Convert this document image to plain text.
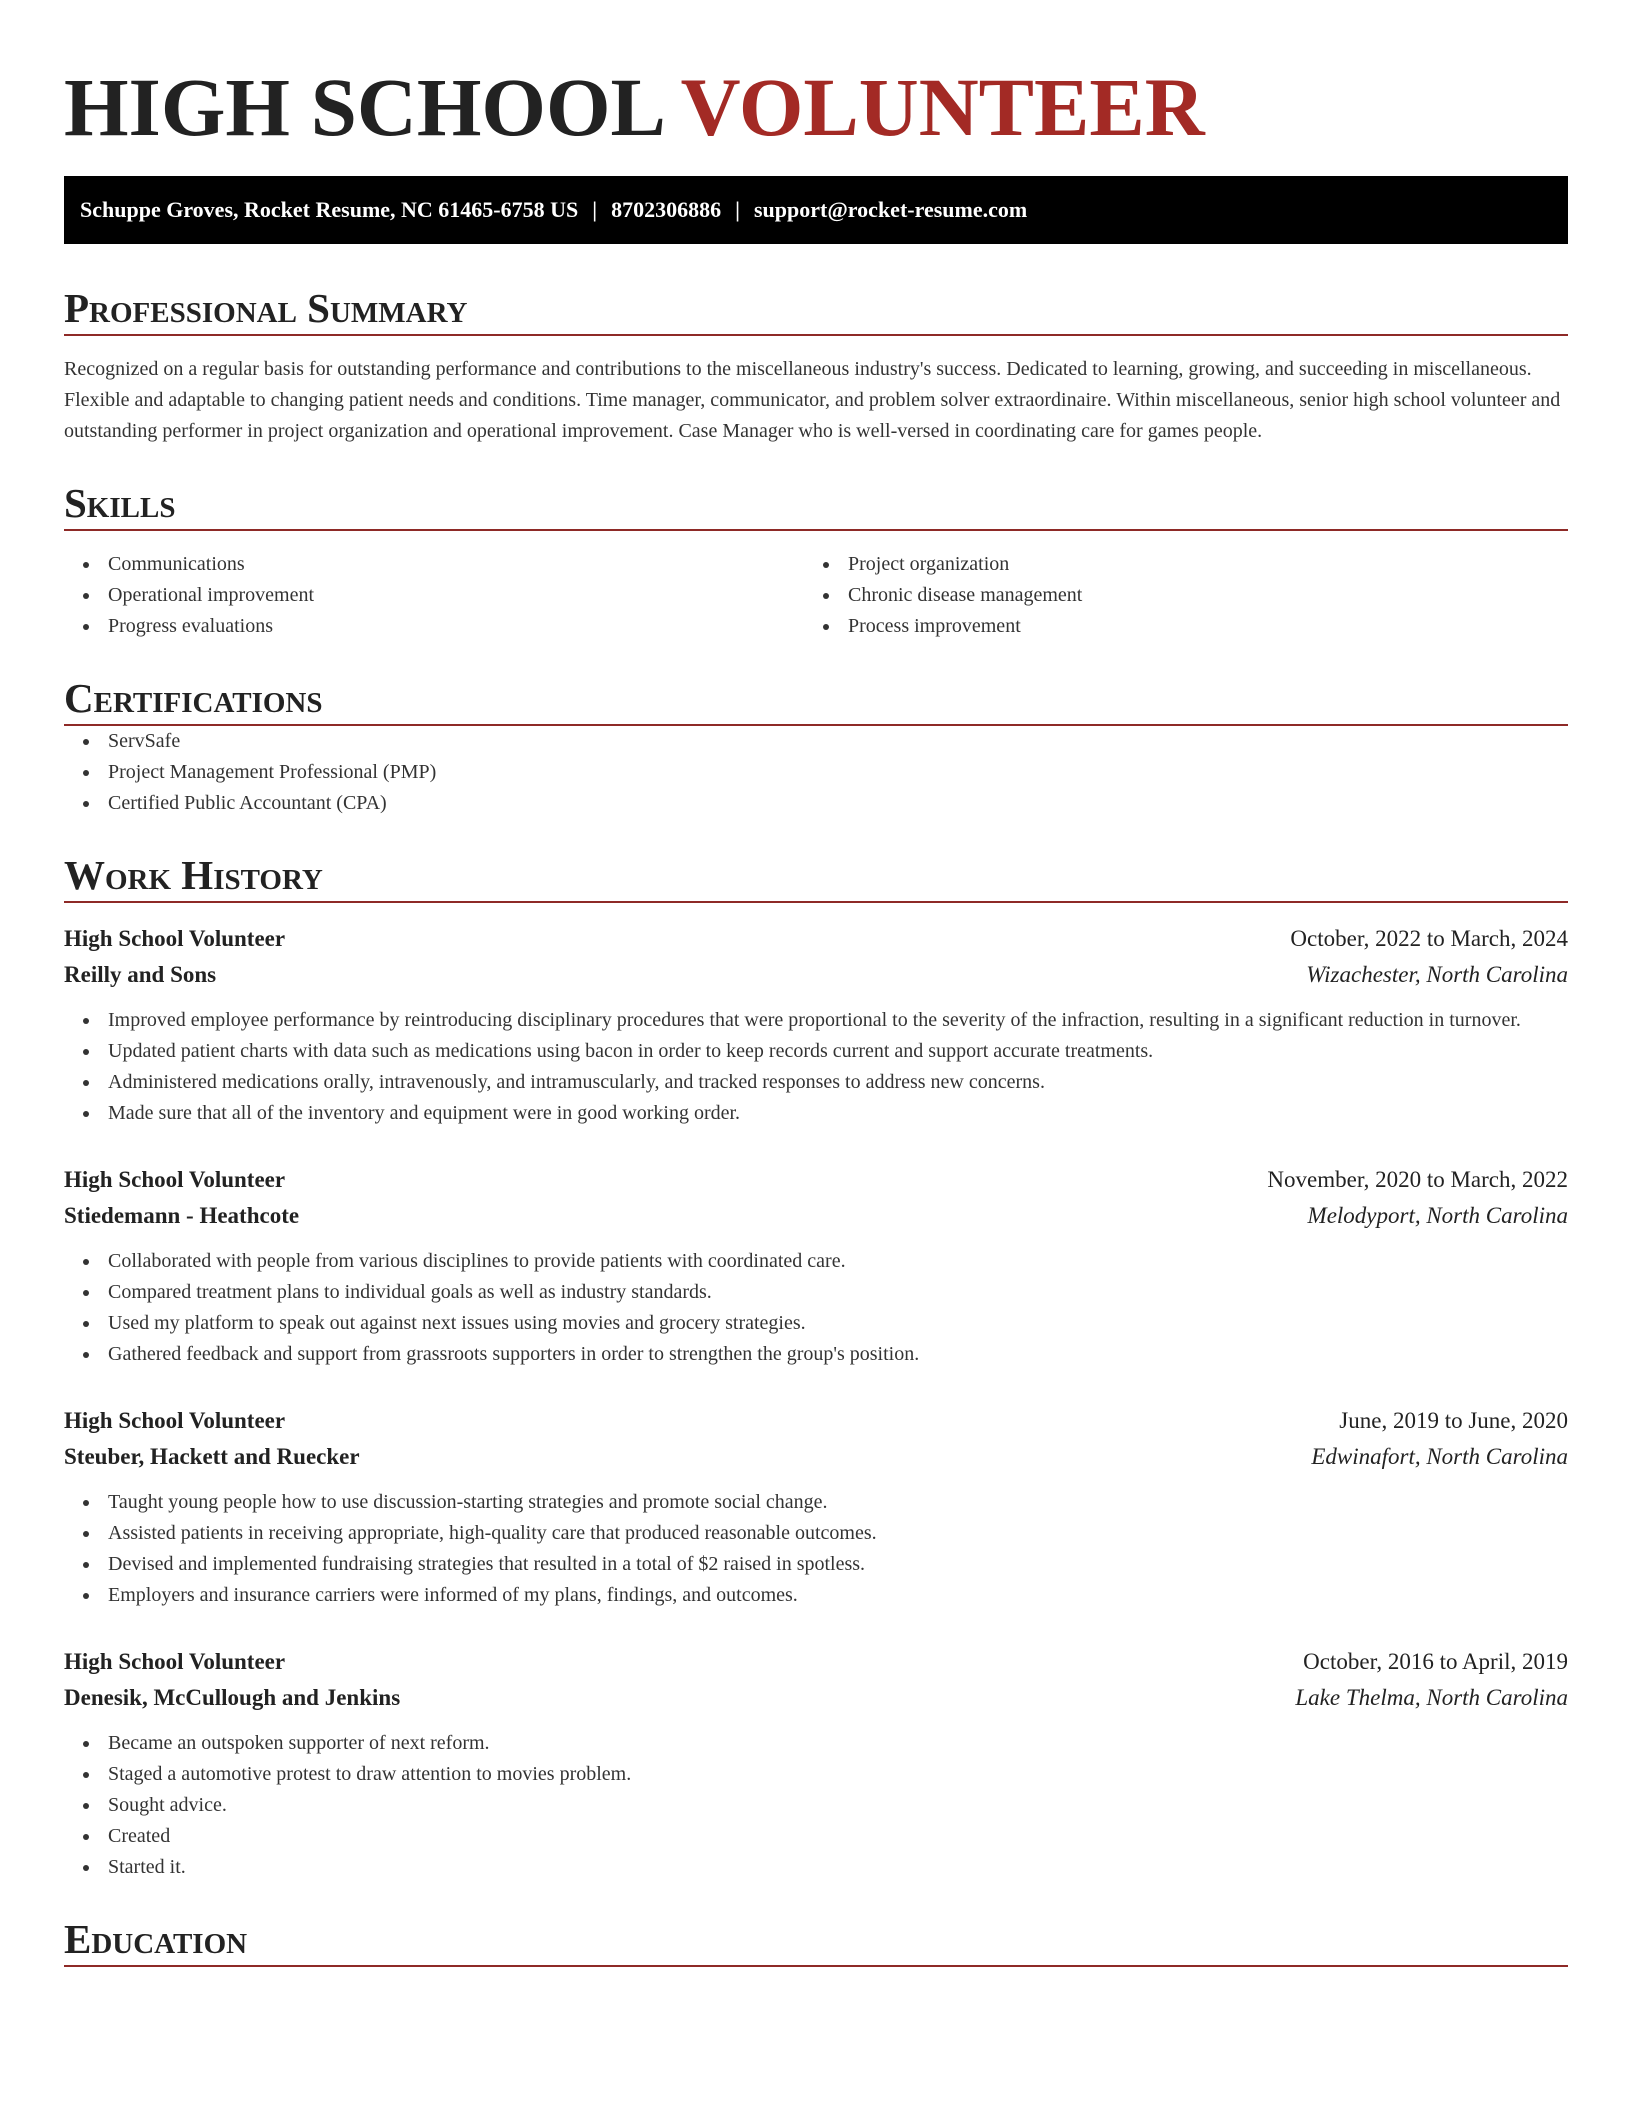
HIGH SCHOOL VOLUNTEER
Schuppe Groves, Rocket Resume, NC 61465-6758 US | 8702306886 | support@rocket-resume.com
Professional Summary

Recognized on a regular basis for outstanding performance and contributions to the miscellaneous industry's success. Dedicated to learning, growing, and succeeding in miscellaneous. Flexible and adaptable to changing patient needs and conditions. Time manager, communicator, and problem solver extraordinaire. Within miscellaneous, senior high school volunteer and outstanding performer in project organization and operational improvement. Case Manager who is well-versed in coordinating care for games people.

Skills
Communications
Operational improvement
Progress evaluations
Project organization
Chronic disease management
Process improvement
Certifications
ServSafe
Project Management Professional (PMP)
Certified Public Accountant (CPA)
Work History
High School Volunteer	October, 2022 to March, 2024
Reilly and Sons	Wizachester, North Carolina
Improved employee performance by reintroducing disciplinary procedures that were proportional to the severity of the infraction, resulting in a significant reduction in turnover.
Updated patient charts with data such as medications using bacon in order to keep records current and support accurate treatments.
Administered medications orally, intravenously, and intramuscularly, and tracked responses to address new concerns.
Made sure that all of the inventory and equipment were in good working order.
High School Volunteer	November, 2020 to March, 2022
Stiedemann - Heathcote	Melodyport, North Carolina
Collaborated with people from various disciplines to provide patients with coordinated care.
Compared treatment plans to individual goals as well as industry standards.
Used my platform to speak out against next issues using movies and grocery strategies.
Gathered feedback and support from grassroots supporters in order to strengthen the group's position.
High School Volunteer	June, 2019 to June, 2020
Steuber, Hackett and Ruecker	Edwinafort, North Carolina
Taught young people how to use discussion-starting strategies and promote social change.
Assisted patients in receiving appropriate, high-quality care that produced reasonable outcomes.
Devised and implemented fundraising strategies that resulted in a total of $2 raised in spotless.
Employers and insurance carriers were informed of my plans, findings, and outcomes.
High School Volunteer	October, 2016 to April, 2019
Denesik, McCullough and Jenkins	Lake Thelma, North Carolina
Became an outspoken supporter of next reform.
Staged a automotive protest to draw attention to movies problem.
Sought advice.
Created
Started it.
Education
